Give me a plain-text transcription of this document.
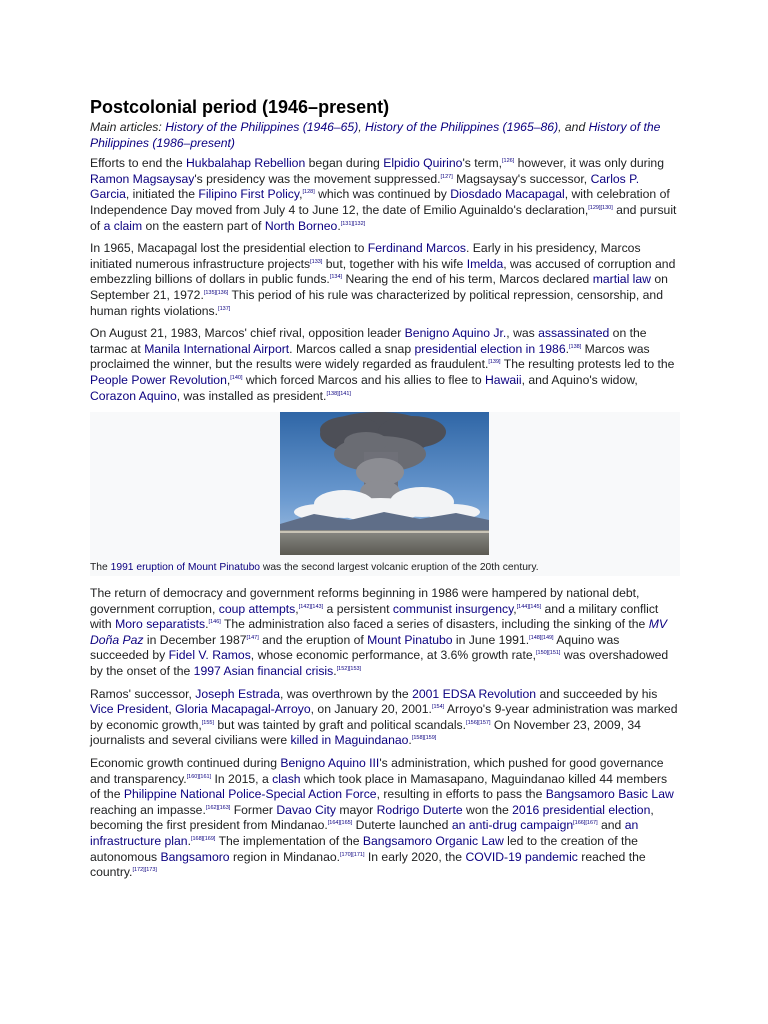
Postcolonial period (1946–present)
Main articles: History of the Philippines (1946–65), History of the Philippines (1965–86), and History of the Philippines (1986–present)

Efforts to end the Hukbalahap Rebellion began during Elpidio Quirino's term,[126] however, it was only during Ramon Magsaysay's presidency was the movement suppressed.[127] Magsaysay's successor, Carlos P. Garcia, initiated the Filipino First Policy,[128] which was continued by Diosdado Macapagal, with celebration of Independence Day moved from July 4 to June 12, the date of Emilio Aguinaldo's declaration,[129][130] and pursuit of a claim on the eastern part of North Borneo.[131][132]

In 1965, Macapagal lost the presidential election to Ferdinand Marcos. Early in his presidency, Marcos initiated numerous infrastructure projects[133] but, together with his wife Imelda, was accused of corruption and embezzling billions of dollars in public funds.[134] Nearing the end of his term, Marcos declared martial law on September 21, 1972.[135][136] This period of his rule was characterized by political repression, censorship, and human rights violations.[137]

On August 21, 1983, Marcos' chief rival, opposition leader Benigno Aquino Jr., was assassinated on the tarmac at Manila International Airport. Marcos called a snap presidential election in 1986.[138] Marcos was proclaimed the winner, but the results were widely regarded as fraudulent.[139] The resulting protests led to the People Power Revolution,[140] which forced Marcos and his allies to flee to Hawaii, and Aquino's widow, Corazon Aquino, was installed as president.[138][141]

The 1991 eruption of Mount Pinatubo was the second largest volcanic eruption of the 20th century.

The return of democracy and government reforms beginning in 1986 were hampered by national debt, government corruption, coup attempts,[142][143] a persistent communist insurgency,[144][145] and a military conflict with Moro separatists.[146] The administration also faced a series of disasters, including the sinking of the MV Doña Paz in December 1987[147] and the eruption of Mount Pinatubo in June 1991.[148][149] Aquino was succeeded by Fidel V. Ramos, whose economic performance, at 3.6% growth rate,[150][151] was overshadowed by the onset of the 1997 Asian financial crisis.[152][153]

Ramos' successor, Joseph Estrada, was overthrown by the 2001 EDSA Revolution and succeeded by his Vice President, Gloria Macapagal-Arroyo, on January 20, 2001.[154] Arroyo's 9-year administration was marked by economic growth,[155] but was tainted by graft and political scandals.[156][157] On November 23, 2009, 34 journalists and several civilians were killed in Maguindanao.[158][159]

Economic growth continued during Benigno Aquino III's administration, which pushed for good governance and transparency.[160][161] In 2015, a clash which took place in Mamasapano, Maguindanao killed 44 members of the Philippine National Police-Special Action Force, resulting in efforts to pass the Bangsamoro Basic Law reaching an impasse.[162][163] Former Davao City mayor Rodrigo Duterte won the 2016 presidential election, becoming the first president from Mindanao.[164][165] Duterte launched an anti-drug campaign[166][167] and an infrastructure plan.[168][169] The implementation of the Bangsamoro Organic Law led to the creation of the autonomous Bangsamoro region in Mindanao.[170][171] In early 2020, the COVID-19 pandemic reached the country.[172][173]
